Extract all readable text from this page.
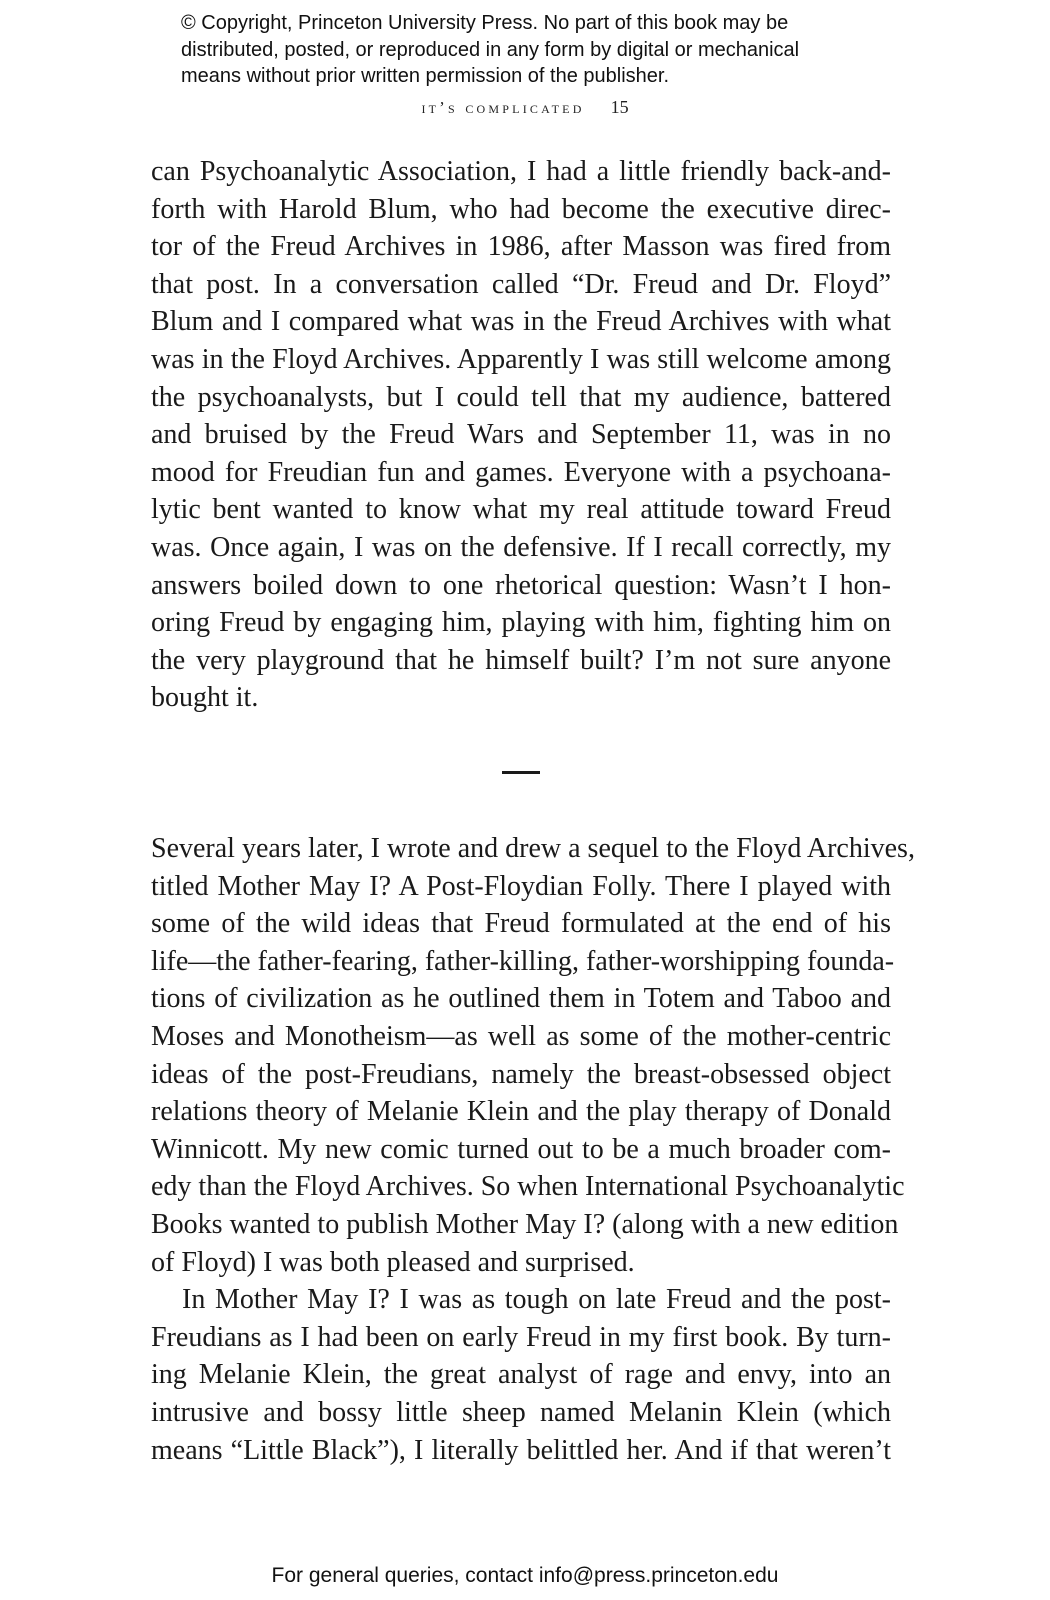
© Copyright, Princeton University Press. No part of this book may be
distributed, posted, or reproduced in any form by digital or mechanical
means without prior written permission of the publisher.
it’s complicated 15
can Psychoanalytic Association, I had a little friendly back-and-
forth with Harold Blum, who had become the executive direc-
tor of the Freud Archives in 1986, after Masson was fired from
that post. In a conversation called “Dr. Freud and Dr. Floyd”
Blum and I compared what was in the Freud Archives with what
was in the Floyd Archives. Apparently I was still welcome among
the psychoanalysts, but I could tell that my audience, battered
and bruised by the Freud Wars and September 11, was in no
mood for Freudian fun and games. Everyone with a psychoana-
lytic bent wanted to know what my real attitude toward Freud
was. Once again, I was on the defensive. If I recall correctly, my
answers boiled down to one rhetorical question: Wasn’t I hon-
oring Freud by engaging him, playing with him, fighting him on
the very playground that he himself built? I’m not sure anyone
bought it.
Several years later, I wrote and drew a sequel to the Floyd Archives,
titled Mother May I? A Post-Floydian Folly. There I played with
some of the wild ideas that Freud formulated at the end of his
life—the father-fearing, father-killing, father-worshipping founda-
tions of civilization as he outlined them in Totem and Taboo and
Moses and Monotheism—as well as some of the mother-centric
ideas of the post-Freudians, namely the breast-obsessed object
relations theory of Melanie Klein and the play therapy of Donald
Winnicott. My new comic turned out to be a much broader com-
edy than the Floyd Archives. So when International Psychoanalytic
Books wanted to publish Mother May I? (along with a new edition
of Floyd) I was both pleased and surprised.
In Mother May I? I was as tough on late Freud and the post-
Freudians as I had been on early Freud in my first book. By turn-
ing Melanie Klein, the great analyst of rage and envy, into an
intrusive and bossy little sheep named Melanin Klein (which
means “Little Black”), I literally belittled her. And if that weren’t
For general queries, contact info@press.princeton.edu
